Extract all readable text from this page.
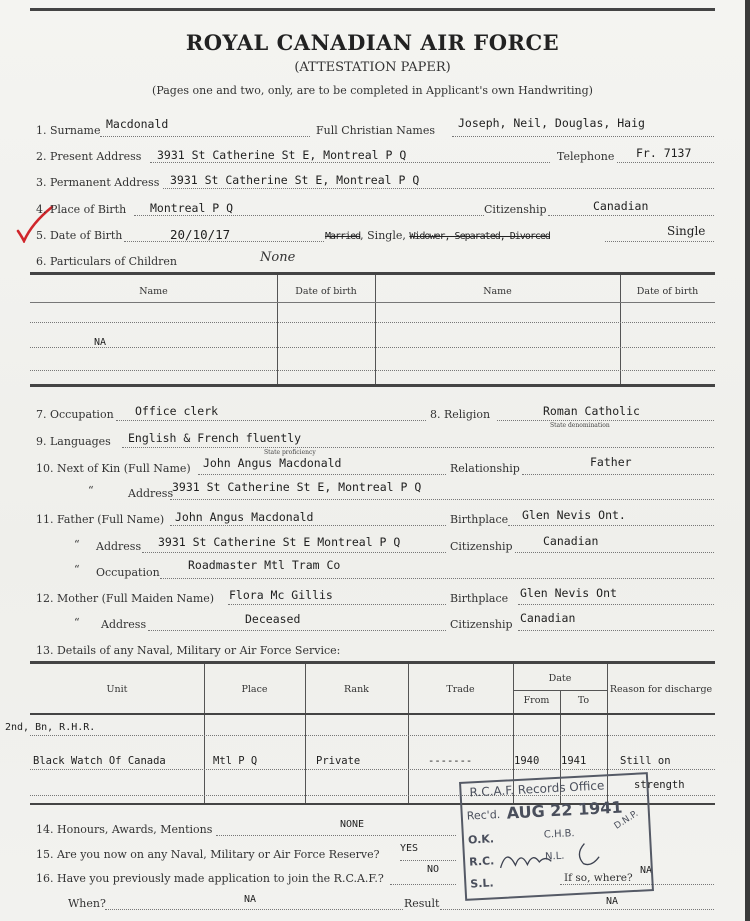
ROYAL CANADIAN AIR FORCE
(ATTESTATION PAPER)
(Pages one and two, only, are to be completed in Applicant's own Handwriting)
1. Surname Macdonald	Full Christian Names
Joseph, Neil, Douglas, Haig
2. Present Address 3931 St Catherine St E, Montreal P Q	Telephone Fr. 7137
3. Permanent Address 3931 St Catherine St E, Montreal P Q
4. Place of Birth Montreal P Q	Citizenship	Canadian
5. Date of Birth	20/10/17	Married, Single, Widower, Separated, Divorced	Single
6. Particulars of Children	None
Name	Date of birth	Name	Date of birth
NA
7. Occupation Office clerk	8. Religion	Roman Catholic
State denomination
9. Languages English & French fluently
State proficiency
10. Next of Kin (Full Name) John Angus Macdonald	Relationship	Father
“	Address
3931 St Catherine St E, Montreal P Q
11. Father (Full Name) John Angus Macdonald	Birthplace Glen Nevis Ont.
“ Address 3931 St Catherine St E Montreal P Q	Citizenship	Canadian
“ Occupation
Roadmaster Mtl Tram Co
12. Mother (Full Maiden Name) Flora Mc Gillis	Birthplace Glen Nevis Ont
“ Address	Deceased	Citizenship Canadian
13. Details of any Naval, Military or Air Force Service:
Unit	Place	Rank	Trade
Date
From	To
Reason for discharge
2nd, Bn, R.H.R.
Black Watch Of Canada	Mtl P Q	Private	-------	1940 1941	Still on
strength
14. Honours, Awards, Mentions	NONE
15. Are you now on any Naval, Military or Air Force Reserve? YES
16. Have you previously made application to join the R.C.A.F.?
NO
If so, where?
NA
When?	NA	Result	NA
R.C.A.F. Records Office
Rec'd. AUG 22 1941
D.N.P.
O.K.	C.H.B.
R.C.	N.L.
S.L.
